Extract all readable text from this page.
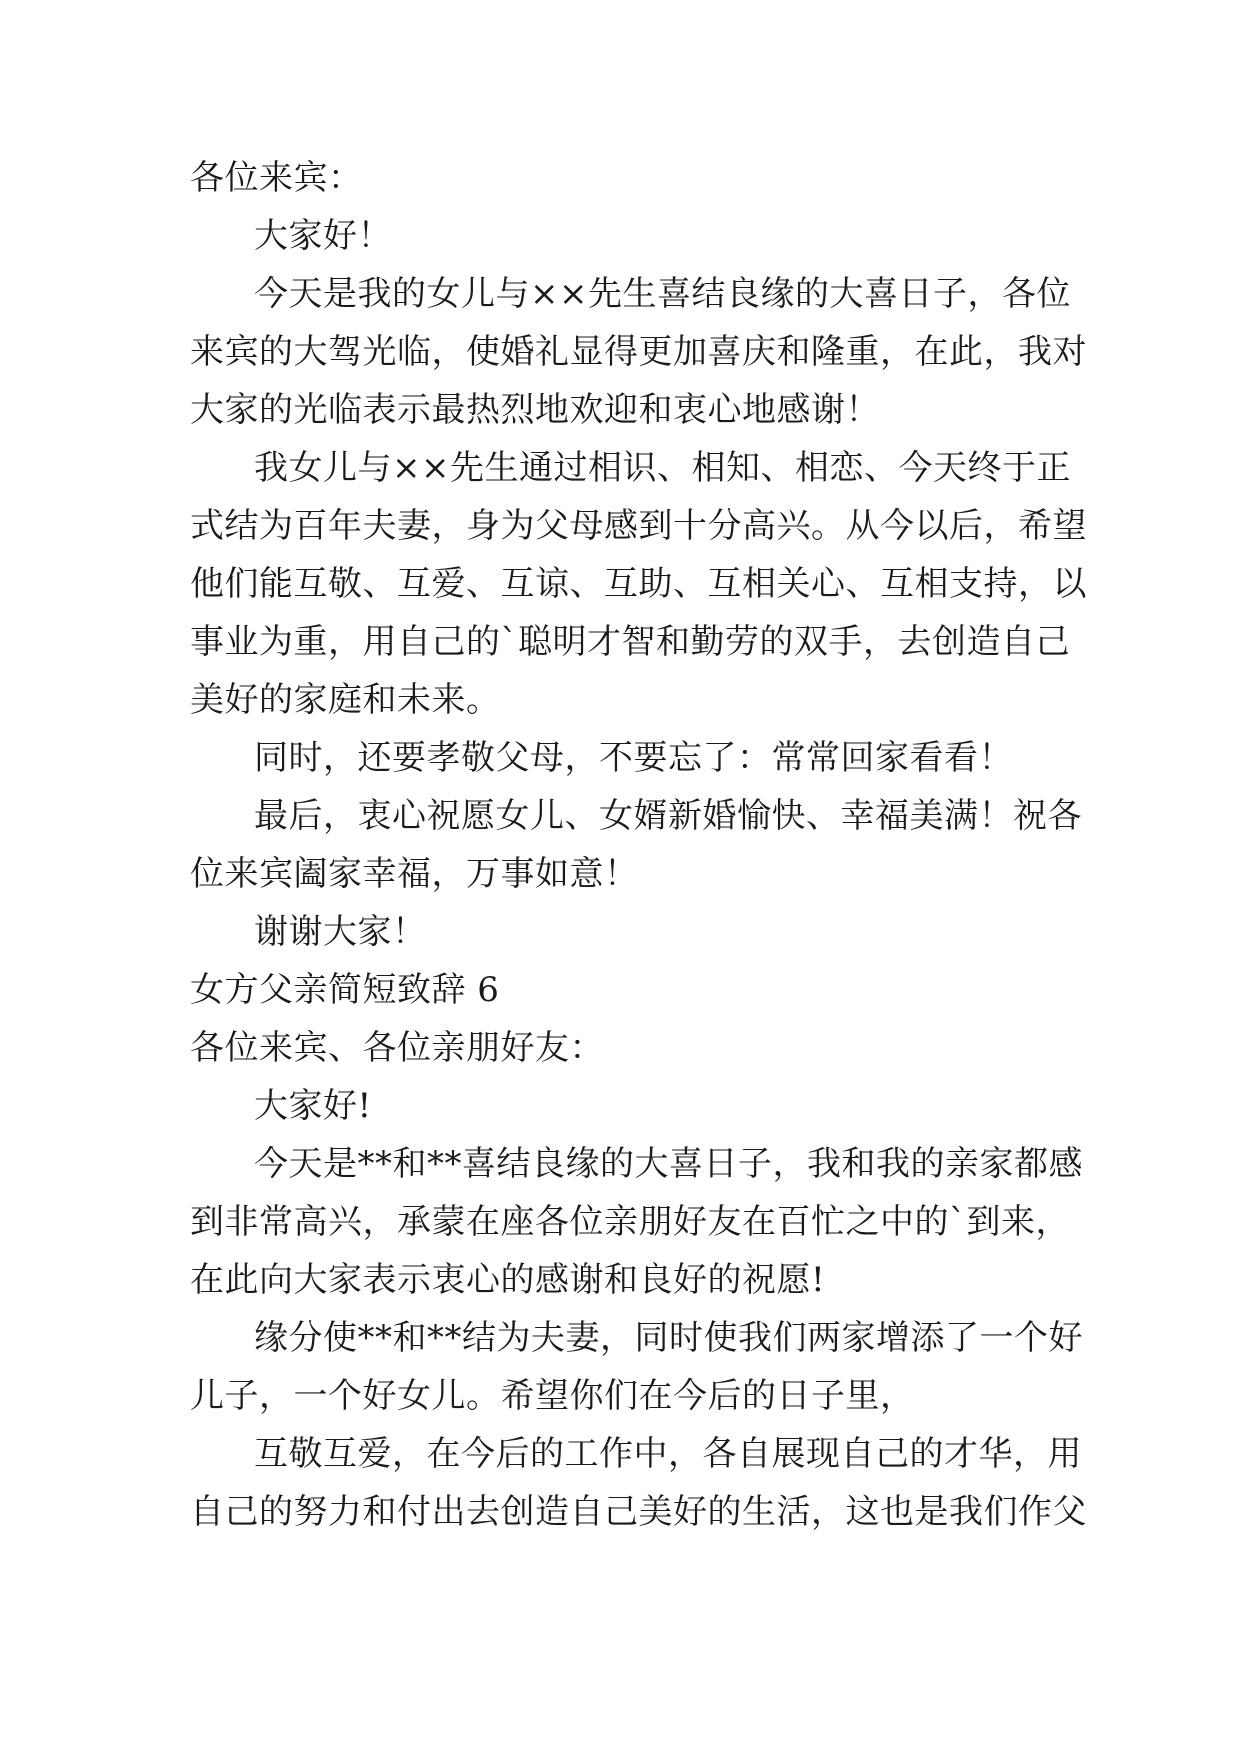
各位来宾：
大家好！
今天是我的女儿与××先生喜结良缘的大喜日子，各位
来宾的大驾光临，使婚礼显得更加喜庆和隆重，在此，我对
大家的光临表示最热烈地欢迎和衷心地感谢！
我女儿与××先生通过相识、相知、相恋、今天终于正
式结为百年夫妻，身为父母感到十分高兴。从今以后，希望
他们能互敬、互爱、互谅、互助、互相关心、互相支持，以
事业为重，用自己的`聪明才智和勤劳的双手，去创造自己
美好的家庭和未来。
同时，还要孝敬父母，不要忘了：常常回家看看！
最后，衷心祝愿女儿、女婿新婚愉快、幸福美满！祝各
位来宾阖家幸福，万事如意！
谢谢大家！
女方父亲简短致辞 6
各位来宾、各位亲朋好友：
大家好!
今天是**和**喜结良缘的大喜日子，我和我的亲家都感
到非常高兴，承蒙在座各位亲朋好友在百忙之中的`到来，
在此向大家表示衷心的感谢和良好的祝愿!
缘分使**和**结为夫妻，同时使我们两家增添了一个好
儿子，一个好女儿。希望你们在今后的日子里，
互敬互爱，在今后的工作中，各自展现自己的才华，用
自己的努力和付出去创造自己美好的生活，这也是我们作父
